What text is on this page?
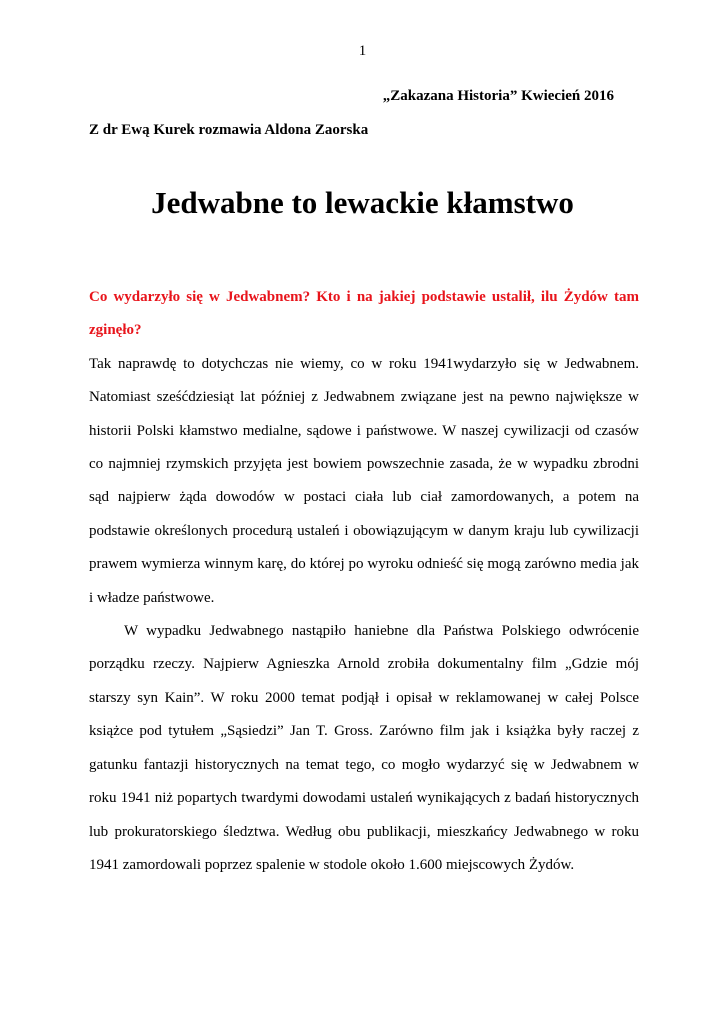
1
„Zakazana Historia” Kwiecień 2016
Z dr Ewą Kurek rozmawia Aldona Zaorska
Jedwabne to lewackie kłamstwo

Co wydarzyło się w Jedwabnem? Kto i na jakiej podstawie ustalił, ilu Żydów tam zginęło?

Tak naprawdę to dotychczas nie wiemy, co w roku 1941wydarzyło się w Jedwabnem. Natomiast sześćdziesiąt lat później z Jedwabnem związane jest na pewno największe w historii Polski kłamstwo medialne, sądowe i państwowe. W naszej cywilizacji od czasów co najmniej rzymskich przyjęta jest bowiem powszechnie zasada, że w wypadku zbrodni sąd najpierw żąda dowodów w postaci ciała lub ciał zamordowanych, a potem na podstawie określonych procedurą ustaleń i obowiązującym w danym kraju lub cywilizacji prawem wymierza winnym karę, do której po wyroku odnieść się mogą zarówno media jak i władze państwowe.

W wypadku Jedwabnego nastąpiło haniebne dla Państwa Polskiego odwrócenie porządku rzeczy. Najpierw Agnieszka Arnold zrobiła dokumentalny film „Gdzie mój starszy syn Kain”. W roku 2000 temat podjął i opisał w reklamowanej w całej Polsce książce pod tytułem „Sąsiedzi” Jan T. Gross. Zarówno film jak i książka były raczej z gatunku fantazji historycznych na temat tego, co mogło wydarzyć się w Jedwabnem w roku 1941 niż popartych twardymi dowodami ustaleń wynikających z badań historycznych lub prokuratorskiego śledztwa. Według obu publikacji, mieszkańcy Jedwabnego w roku 1941 zamordowali poprzez spalenie w stodole około 1.600 miejscowych Żydów.
